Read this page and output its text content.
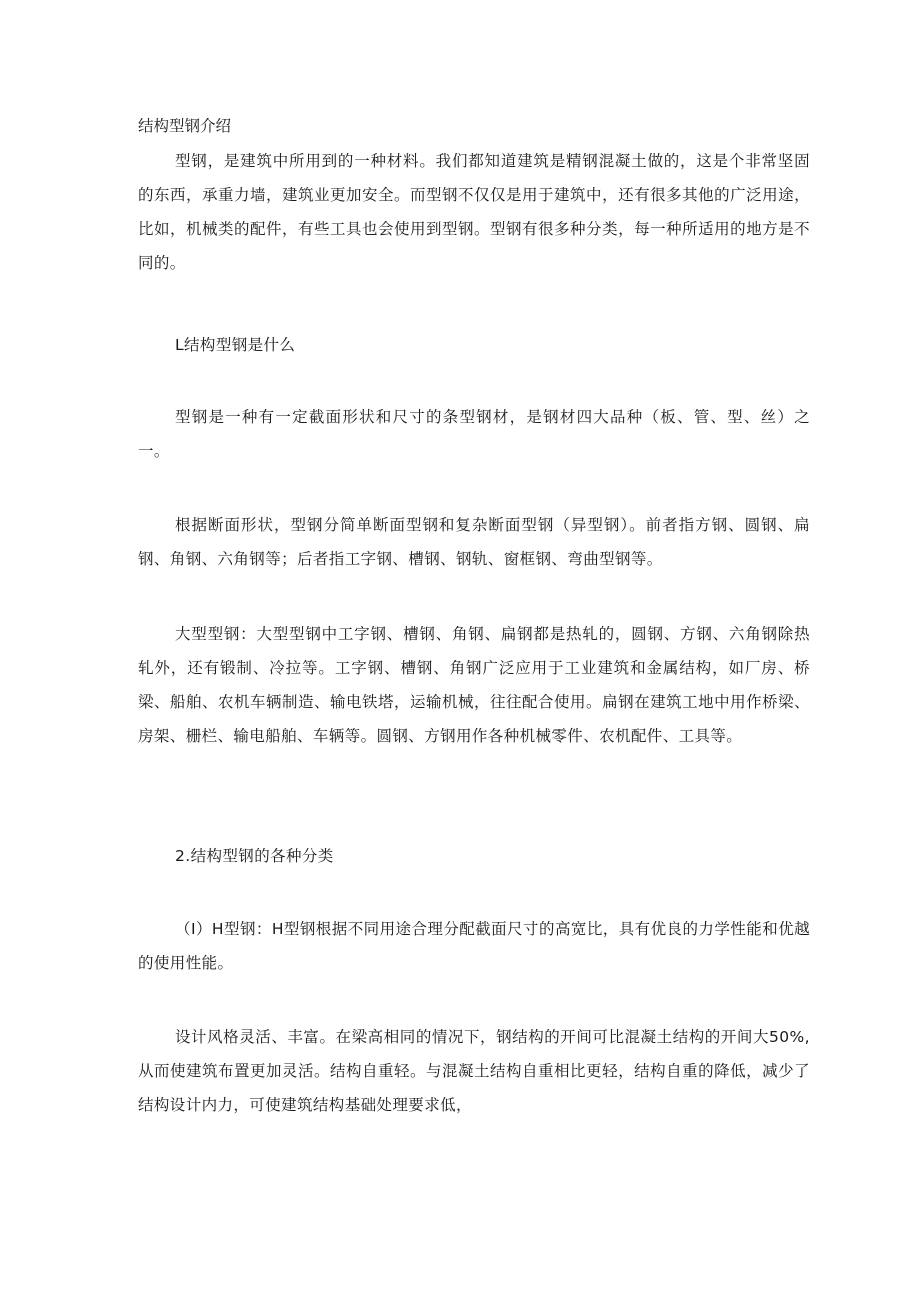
结构型钢介绍

型钢，是建筑中所用到的一种材料。我们都知道建筑是精钢混凝土做的，这是个非常坚固的东西，承重力墙，建筑业更加安全。而型钢不仅仅是用于建筑中，还有很多其他的广泛用途，比如，机械类的配件，有些工具也会使用到型钢。型钢有很多种分类，每一种所适用的地方是不同的。

L结构型钢是什么

型钢是一种有一定截面形状和尺寸的条型钢材，是钢材四大品种（板、管、型、丝）之一。

根据断面形状，型钢分简单断面型钢和复杂断面型钢（异型钢）。前者指方钢、圆钢、扁钢、角钢、六角钢等；后者指工字钢、槽钢、钢轨、窗框钢、弯曲型钢等。

大型型钢：大型型钢中工字钢、槽钢、角钢、扁钢都是热轧的，圆钢、方钢、六角钢除热轧外，还有锻制、冷拉等。工字钢、槽钢、角钢广泛应用于工业建筑和金属结构，如厂房、桥梁、船舶、农机车辆制造、输电铁塔，运输机械，往往配合使用。扁钢在建筑工地中用作桥梁、房架、栅栏、输电船舶、车辆等。圆钢、方钢用作各种机械零件、农机配件、工具等。

2.结构型钢的各种分类

（I）H型钢：H型钢根据不同用途合理分配截面尺寸的高宽比，具有优良的力学性能和优越的使用性能。

设计风格灵活、丰富。在梁高相同的情况下，钢结构的开间可比混凝土结构的开间大50%,从而使建筑布置更加灵活。结构自重轻。与混凝土结构自重相比更轻，结构自重的降低，减少了结构设计内力，可使建筑结构基础处理要求低，
